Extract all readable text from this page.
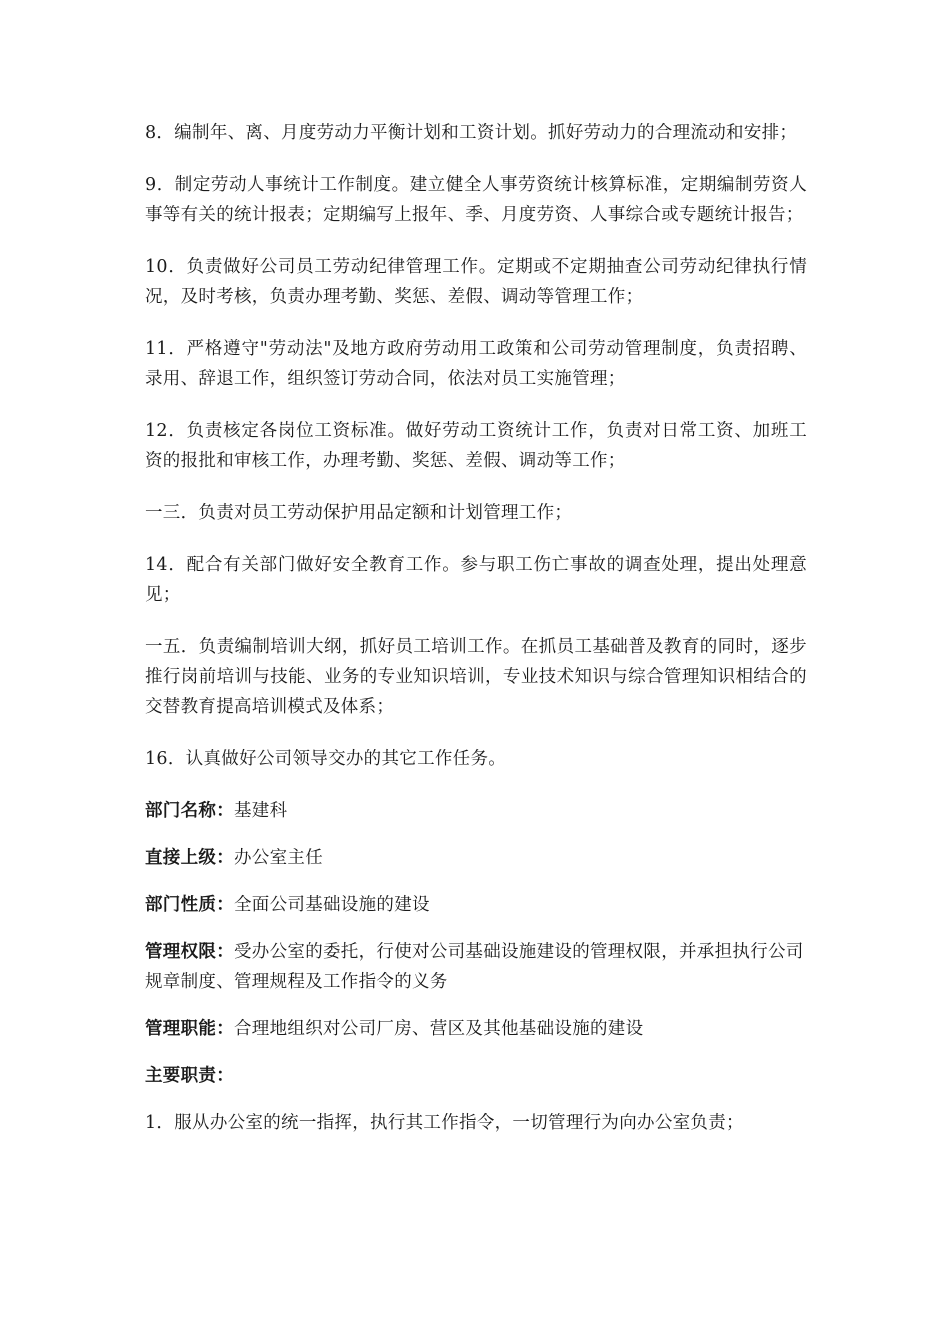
8．编制年、离、月度劳动力平衡计划和工资计划。抓好劳动力的合理流动和安排；

9．制定劳动人事统计工作制度。建立健全人事劳资统计核算标准，定期编制劳资人事等有关的统计报表；定期编写上报年、季、月度劳资、人事综合或专题统计报告；

10．负责做好公司员工劳动纪律管理工作。定期或不定期抽查公司劳动纪律执行情况，及时考核，负责办理考勤、奖惩、差假、调动等管理工作；

11．严格遵守"劳动法"及地方政府劳动用工政策和公司劳动管理制度，负责招聘、录用、辞退工作，组织签订劳动合同，依法对员工实施管理；

12．负责核定各岗位工资标准。做好劳动工资统计工作，负责对日常工资、加班工资的报批和审核工作，办理考勤、奖惩、差假、调动等工作；

一三．负责对员工劳动保护用品定额和计划管理工作；

14．配合有关部门做好安全教育工作。参与职工伤亡事故的调查处理，提出处理意见；

一五．负责编制培训大纲，抓好员工培训工作。在抓员工基础普及教育的同时，逐步推行岗前培训与技能、业务的专业知识培训，专业技术知识与综合管理知识相结合的交替教育提高培训模式及体系；

16．认真做好公司领导交办的其它工作任务。

部门名称：基建科

直接上级：办公室主任

部门性质：全面公司基础设施的建设

管理权限：受办公室的委托，行使对公司基础设施建设的管理权限，并承担执行公司规章制度、管理规程及工作指令的义务

管理职能：合理地组织对公司厂房、营区及其他基础设施的建设

主要职责：

1．服从办公室的统一指挥，执行其工作指令，一切管理行为向办公室负责；
